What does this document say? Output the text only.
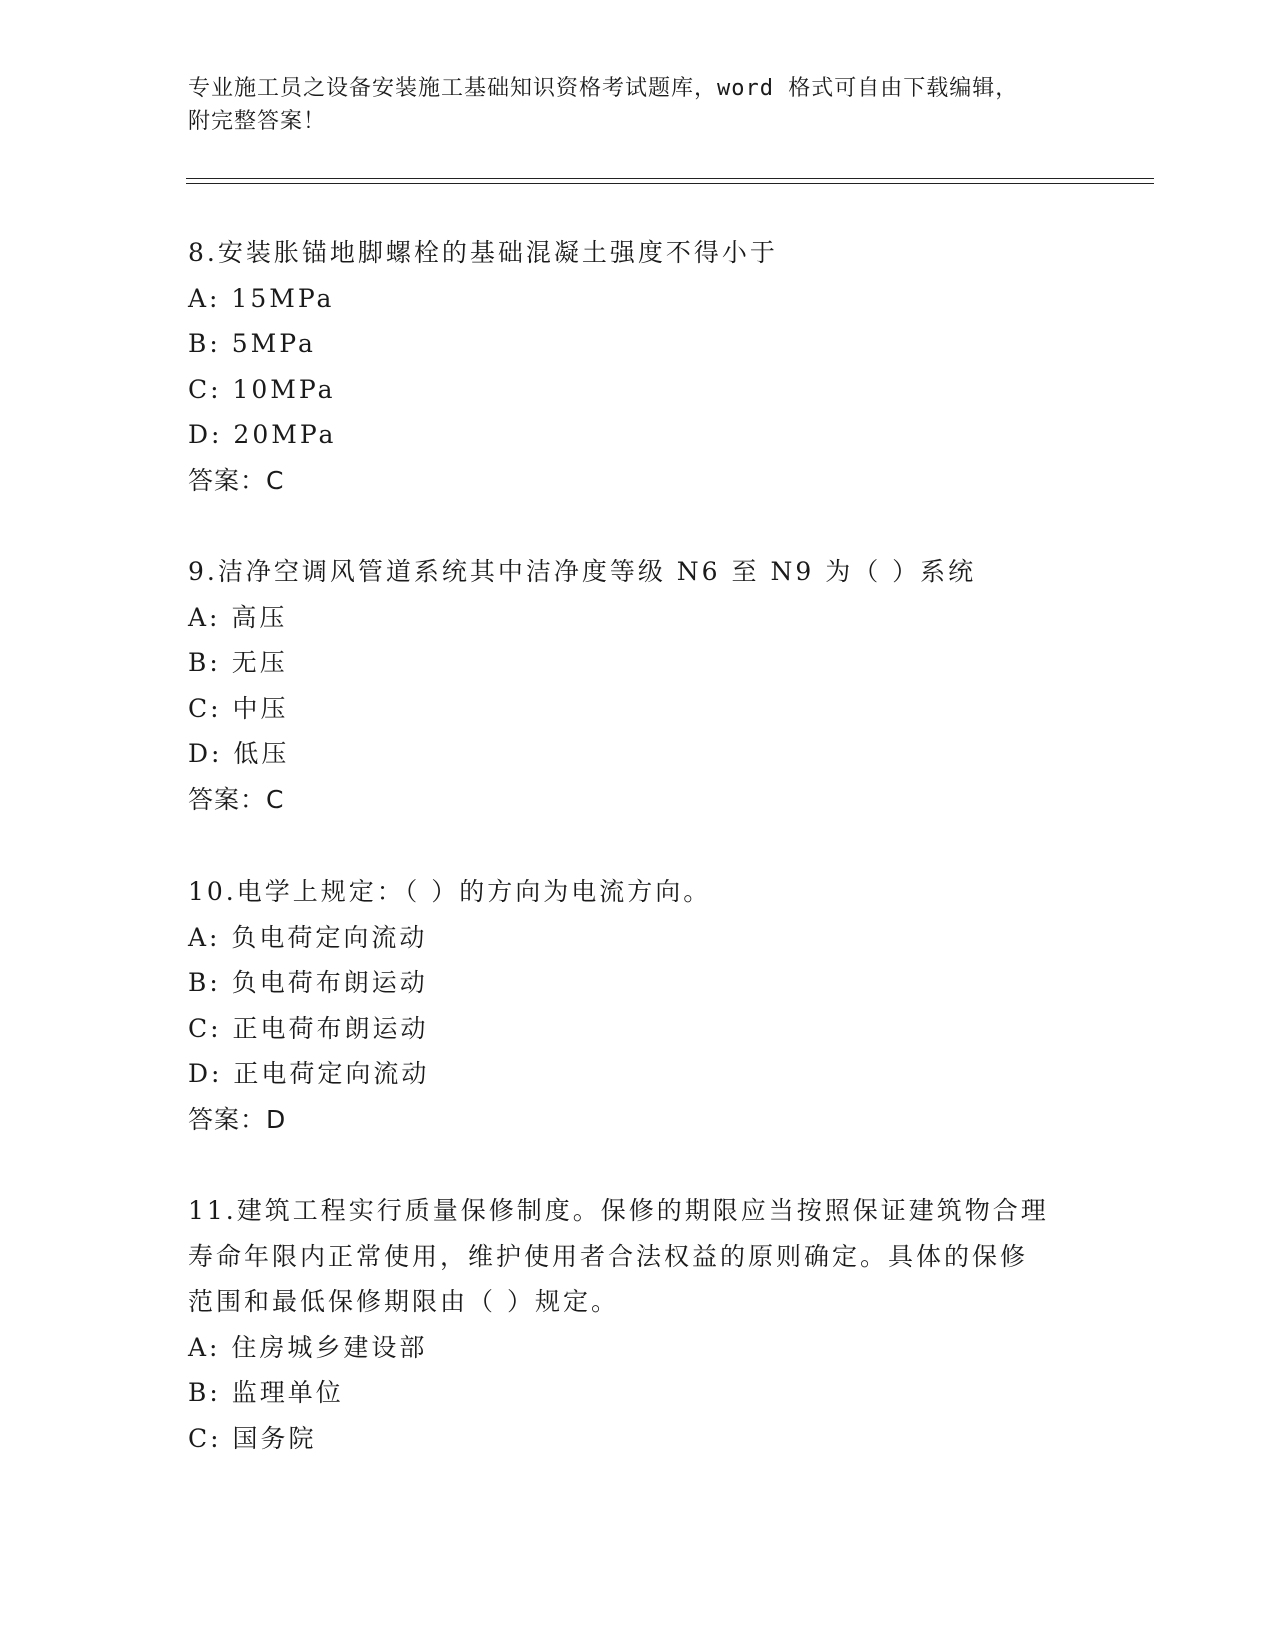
专业施工员之设备安装施工基础知识资格考试题库，word 格式可自由下载编辑，
附完整答案！
8.安装胀锚地脚螺栓的基础混凝土强度不得小于
A: 15MPa
B: 5MPa
C: 10MPa
D: 20MPa
答案：C
9.洁净空调风管道系统其中洁净度等级 N6 至 N9 为（ ）系统
A: 高压
B: 无压
C: 中压
D: 低压
答案：C
10.电学上规定：（ ）的方向为电流方向。
A: 负电荷定向流动
B: 负电荷布朗运动
C: 正电荷布朗运动
D: 正电荷定向流动
答案：D
11.建筑工程实行质量保修制度。保修的期限应当按照保证建筑物合理
寿命年限内正常使用，维护使用者合法权益的原则确定。具体的保修
范围和最低保修期限由（ ）规定。
A: 住房城乡建设部
B: 监理单位
C: 国务院
